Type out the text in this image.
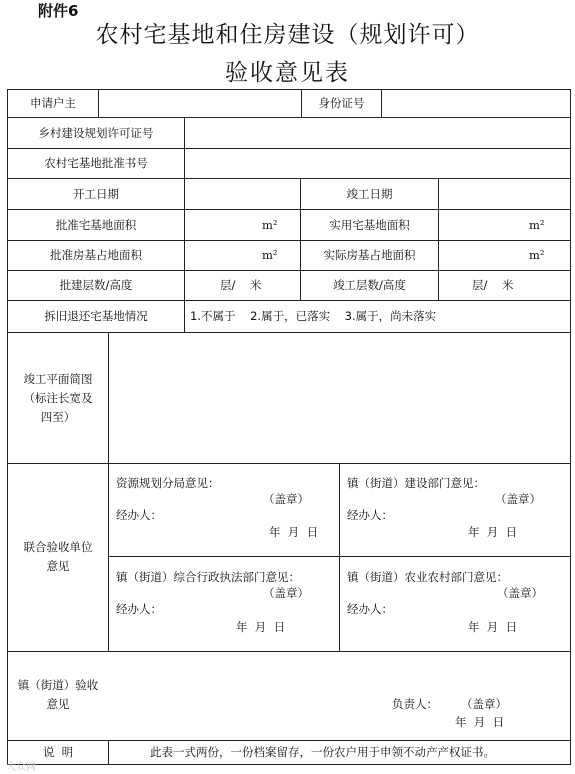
附件6
农村宅基地和住房建设（规划许可）
验收意见表
申请户主	身份证号
乡村建设规划许可证号
农村宅基地批准书号
开工日期	竣工日期
批准宅基地面积	m²	实用宅基地面积	m²
批准房基占地面积	m²	实际房基占地面积	m²
批建层数/高度	层/    米	竣工层数/高度	层/    米
拆旧退还宅基地情况	1.不属于    2.属于，已落实    3.属于，尚未落实
竣工平面简图
（标注长宽及
四至）
联合验收单位
意见
资源规划分局意见：
（盖章）
经办人：
年  月  日
镇（街道）建设部门意见：
（盖章）
经办人：
年  月  日
镇（街道）综合行政执法部门意见：
（盖章）
经办人：
年  月  日
镇（街道）农业农村部门意见：
（盖章）
经办人：
年  月  日
镇（街道）验收
意见	负责人： （盖章）
年  月  日
说  明	此表一式两份，一份档案留存，一份农户用于申领不动产产权证书。
大众网
